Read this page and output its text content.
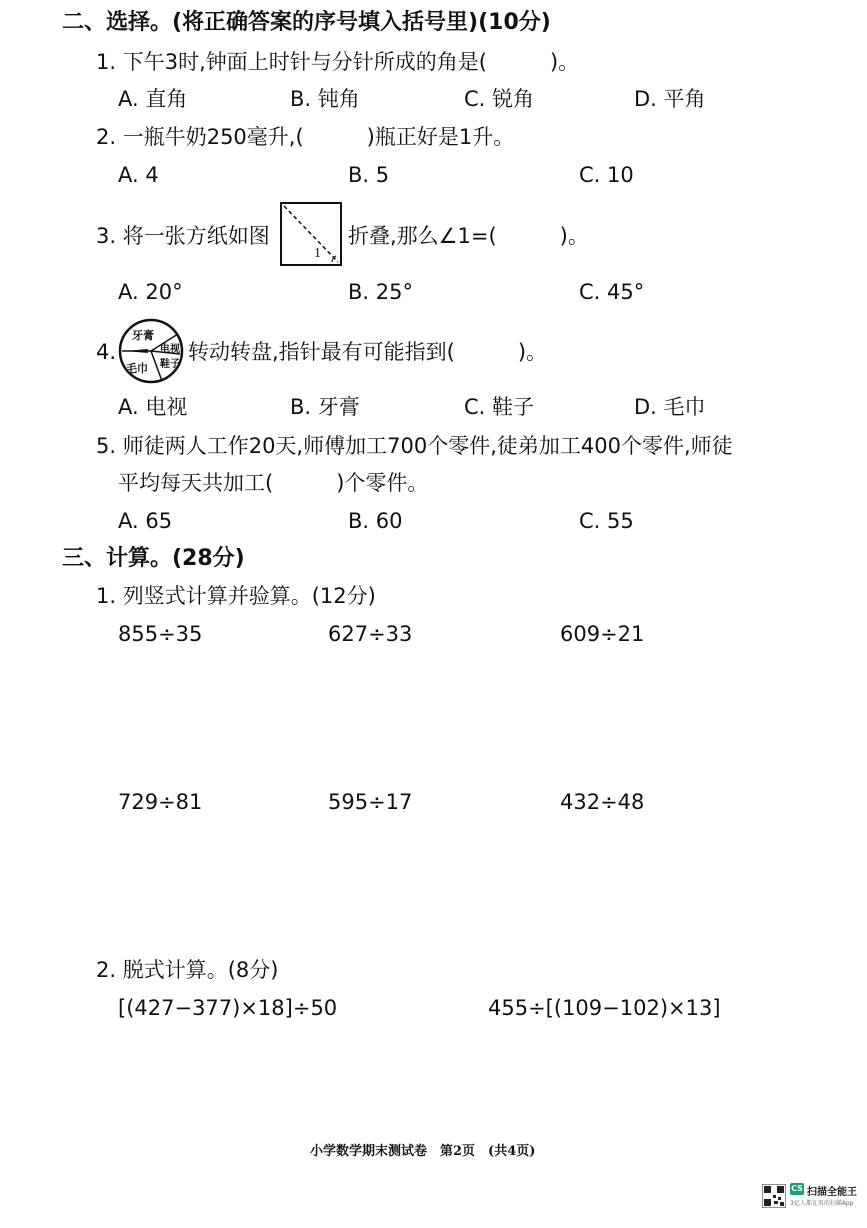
二、选择。(将正确答案的序号填入括号里)(10分)
1. 下午3时,钟面上时针与分针所成的角是(　　　)。
A. 直角	B. 钝角	C. 锐角	D. 平角
2. 一瓶牛奶250毫升,(　　　)瓶正好是1升。
A. 4	B. 5	C. 10
3. 将一张方纸如图
1
折叠,那么∠1=(　　　)。
A. 20°	B. 25°	C. 45°
4.
牙膏
电视
鞋子
毛巾
转动转盘,指针最有可能指到(　　　)。
A. 电视	B. 牙膏	C. 鞋子	D. 毛巾
5. 师徒两人工作20天,师傅加工700个零件,徒弟加工400个零件,师徒
平均每天共加工(　　　)个零件。
A. 65	B. 60	C. 55
三、计算。(28分)
1. 列竖式计算并验算。(12分)
855÷35	627÷33	609÷21
729÷81	595÷17	432÷48
2. 脱式计算。(8分)
[(427−377)×18]÷50	455÷[(109−102)×13]
小学数学期末测试卷　第2页　(共4页)
CS 扫描全能王
3亿人都在用的扫描App
